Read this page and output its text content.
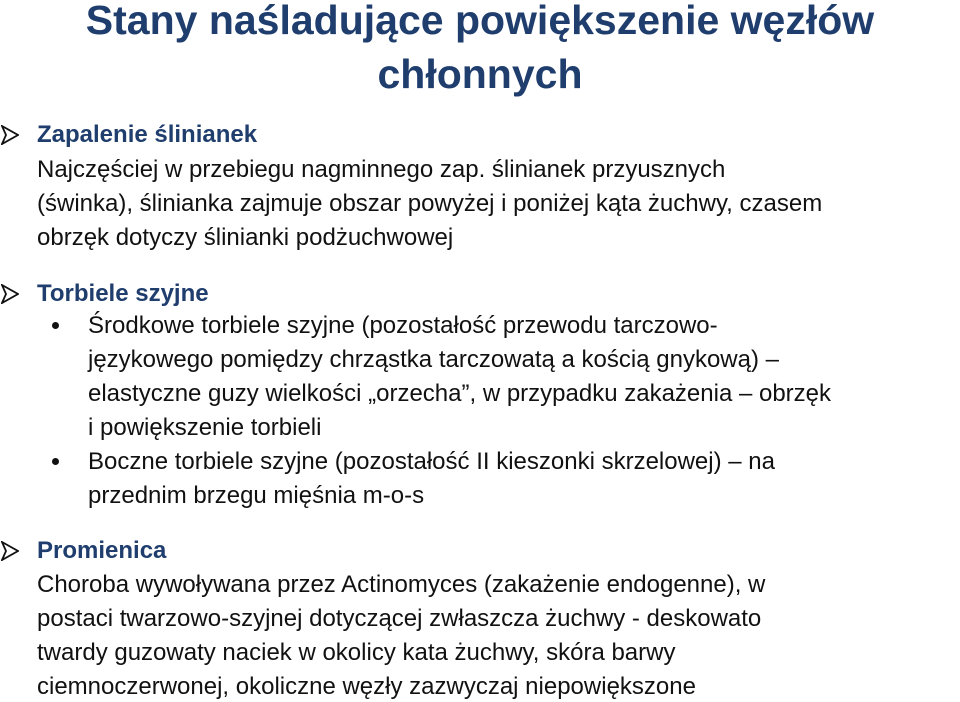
Stany naśladujące powiększenie węzłów
chłonnych
Zapalenie ślinianek
Najczęściej w przebiegu nagminnego zap. ślinianek przyusznych
(świnka), ślinianka zajmuje obszar powyżej i poniżej kąta żuchwy, czasem
obrzęk dotyczy ślinianki podżuchwowej
Torbiele szyjne
Środkowe torbiele szyjne (pozostałość przewodu tarczowo-
językowego pomiędzy chrząstka tarczowatą a kością gnykową) –
elastyczne guzy wielkości „orzecha”, w przypadku zakażenia – obrzęk
i powiększenie torbieli
Boczne torbiele szyjne (pozostałość II kieszonki skrzelowej) – na
przednim brzegu mięśnia m-o-s
Promienica
Choroba wywoływana przez Actinomyces (zakażenie endogenne), w
postaci twarzowo-szyjnej dotyczącej zwłaszcza żuchwy - deskowato
twardy guzowaty naciek w okolicy kata żuchwy, skóra barwy
ciemnoczerwonej, okoliczne węzły zazwyczaj niepowiększone
